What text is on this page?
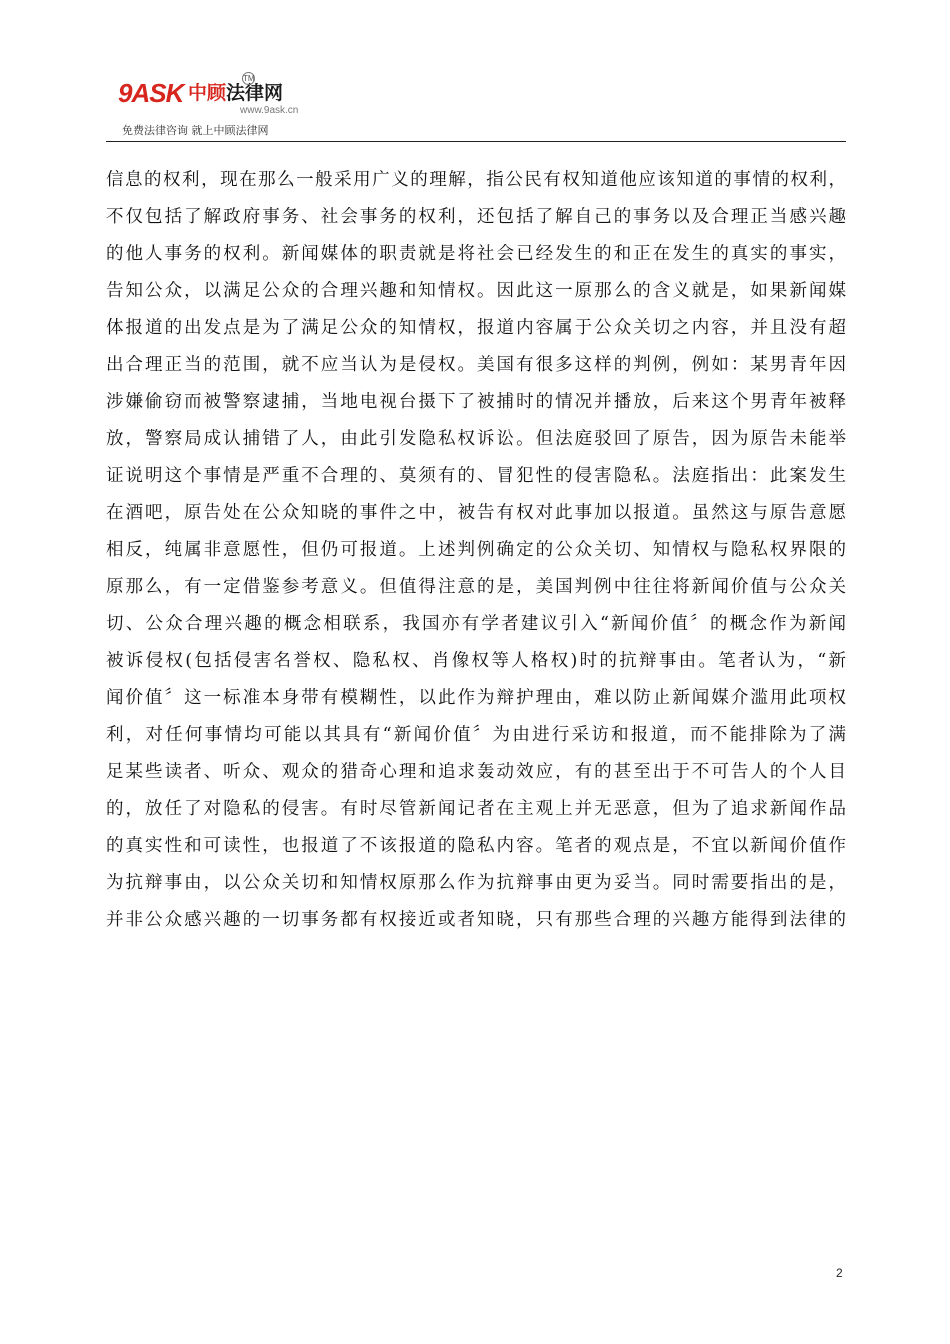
9ASK 中顾法律网
TM
www.9ask.cn
免费法律咨询 就上中顾法律网
信息的权利，现在那么一般采用广义的理解，指公民有权知道他应该知道的事情的权利，
不仅包括了解政府事务、社会事务的权利，还包括了解自己的事务以及合理正当感兴趣
的他人事务的权利。新闻媒体的职责就是将社会已经发生的和正在发生的真实的事实，
告知公众，以满足公众的合理兴趣和知情权。因此这一原那么的含义就是，如果新闻媒
体报道的出发点是为了满足公众的知情权，报道内容属于公众关切之内容，并且没有超
出合理正当的范围，就不应当认为是侵权。美国有很多这样的判例，例如：某男青年因
涉嫌偷窃而被警察逮捕，当地电视台摄下了被捕时的情况并播放，后来这个男青年被释
放，警察局成认捕错了人，由此引发隐私权诉讼。但法庭驳回了原告，因为原告未能举
证说明这个事情是严重不合理的、莫须有的、冒犯性的侵害隐私。法庭指出：此案发生
在酒吧，原告处在公众知晓的事件之中，被告有权对此事加以报道。虽然这与原告意愿
相反，纯属非意愿性，但仍可报道。上述判例确定的公众关切、知情权与隐私权界限的
原那么，有一定借鉴参考意义。但值得注意的是，美国判例中往往将新闻价值与公众关
切、公众合理兴趣的概念相联系，我国亦有学者建议引入“新闻价值〞的概念作为新闻
被诉侵权(包括侵害名誉权、隐私权、肖像权等人格权)时的抗辩事由。笔者认为，“新
闻价值〞这一标准本身带有模糊性，以此作为辩护理由，难以防止新闻媒介滥用此项权
利，对任何事情均可能以其具有“新闻价值〞为由进行采访和报道，而不能排除为了满
足某些读者、听众、观众的猎奇心理和追求轰动效应，有的甚至出于不可告人的个人目
的，放任了对隐私的侵害。有时尽管新闻记者在主观上并无恶意，但为了追求新闻作品
的真实性和可读性，也报道了不该报道的隐私内容。笔者的观点是，不宜以新闻价值作
为抗辩事由，以公众关切和知情权原那么作为抗辩事由更为妥当。同时需要指出的是，
并非公众感兴趣的一切事务都有权接近或者知晓，只有那些合理的兴趣方能得到法律的
2
